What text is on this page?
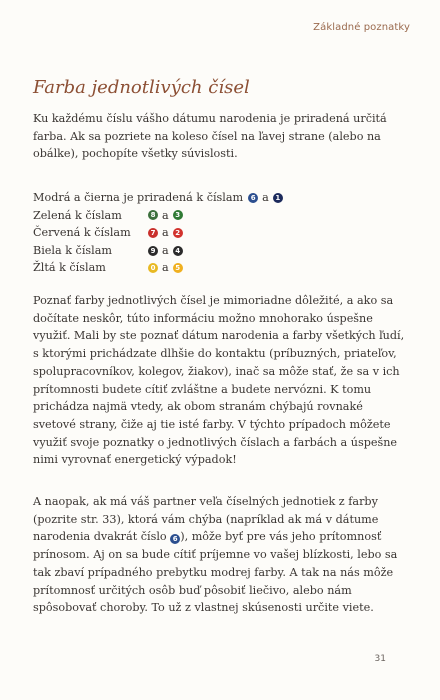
Základné poznatky
Farba jednotlivých čísel

Ku každému číslu vášho dátumu narodenia je priradená určitá farba. Ak sa pozriete na koleso čísel na ľavej strane (alebo na obálke), pochopíte všetky súvislosti.

Modrá a čierna je priradená k číslam	6 a 1
Zelená k číslam	8 a 3
Červená k číslam	7 a 2
Biela k číslam	9 a 4
Žltá k číslam	0 a 5

Poznať farby jednotlivých čísel je mimoriadne dôležité, a ako sa dočítate neskôr, túto informáciu možno mnohorako úspešne využiť. Mali by ste poznať dátum narodenia a farby všetkých ľudí, s ktorými prichádzate dlhšie do kontaktu (príbuzných, priateľov, spolupracovníkov, kolegov, žiakov), inač sa môže stať, že sa v ich prítomnosti budete cítiť zvláštne a budete nervózni. K tomu prichádza najmä vtedy, ak obom stranám chýbajú rovnaké svetové strany, čiže aj tie isté farby. V týchto prípadoch môžete využiť svoje poznatky o jednotlivých číslach a farbách a úspešne nimi vyrovnať energetický výpadok!

A naopak, ak má váš partner veľa číselných jednotiek z farby (pozrite str. 33), ktorá vám chýba (napríklad ak má v dátume narodenia dvakrát číslo 6 ), môže byť pre vás jeho prítomnosť prínosom. Aj on sa bude cítiť príjemne vo vašej blízkosti, lebo sa tak zbaví prípadného prebytku modrej farby. A tak na nás môže prítomnosť určitých osôb buď pôsobiť liečivo, alebo nám spôsobovať choroby. To už z vlastnej skúsenosti určite viete.

31
